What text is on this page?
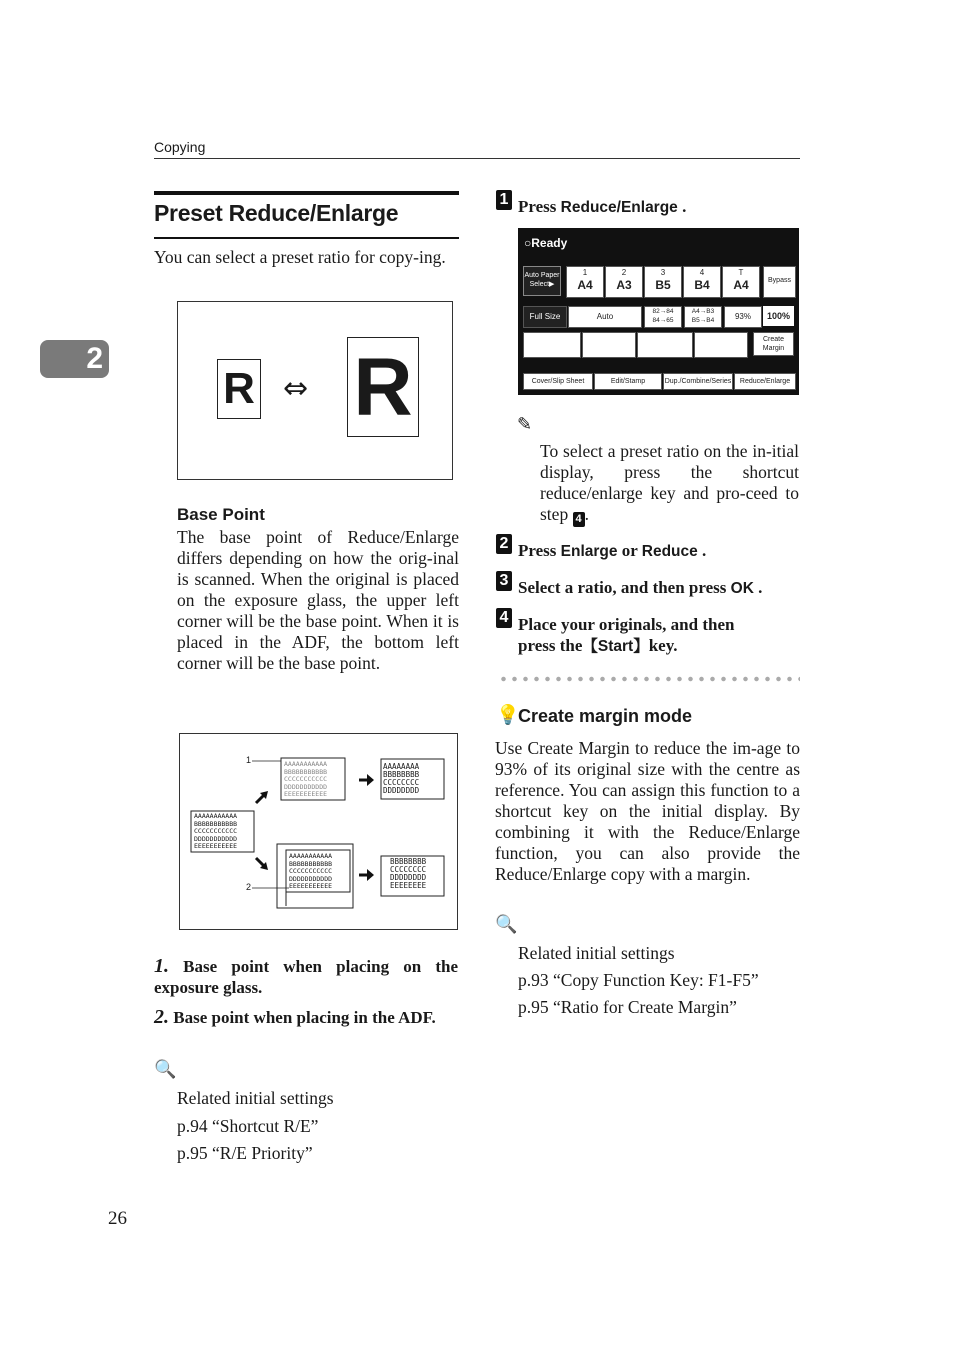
Copying
2
Preset Reduce/Enlarge
You can select a preset ratio for copy-ing.
R ⇔ R
Base Point
The base point of Reduce/Enlarge differs depending on how the orig-inal is scanned. When the original is placed on the exposure glass, the upper left corner will be the base point. When it is placed in the ADF, the bottom left corner will be the base point.
1
2
AAAAAAAAAAA
BBBBBBBBBBB
CCCCCCCCCCC
DDDDDDDDDDD
EEEEEEEEEEE
AAAAAAAAAAA
BBBBBBBBBBB
CCCCCCCCCCC
DDDDDDDDDDD
EEEEEEEEEEE
AAAAAAAAAAA
BBBBBBBBBBB
CCCCCCCCCCC
DDDDDDDDDDD
EEEEEEEEEEE
AAAAAAAA
BBBBBBBB
CCCCCCCC
DDDDDDDD
BBBBBBBB
CCCCCCCC
DDDDDDDD
EEEEEEEE
1. Base point when placing on the exposure glass.
2. Base point when placing in the ADF.
🔍
Related initial settings
p.94 “Shortcut R/E”
p.95 “R/E Priority”
26
1 Press Reduce/Enlarge .
○Ready
Auto Paper Select▶
1
A4
2
A3
3
B5
4
B4
T
A4	Bypass
Full Size	Auto
82→84 84→65
A4→B3 B5→B4	93%	100%
Create Margin
Cover/Slip Sheet	Edit/Stamp	Dup./Combine/Series	Reduce/Enlarge
✎
To select a preset ratio on the in-itial display, press the shortcut reduce/enlarge key and pro-ceed to step 4 .
2 Press Enlarge or Reduce .
3 Select a ratio, and then press OK .
4 Place your originals, and then
press the【Start】key.
💡
Create margin mode
Use Create Margin to reduce the im-age to 93% of its original size with the centre as reference. You can assign this function to a shortcut key on the initial display. By combining it with the Reduce/Enlarge function, you can also provide the Reduce/Enlarge copy with a margin.
🔍
Related initial settings
p.93 “Copy Function Key: F1-F5”
p.95 “Ratio for Create Margin”
